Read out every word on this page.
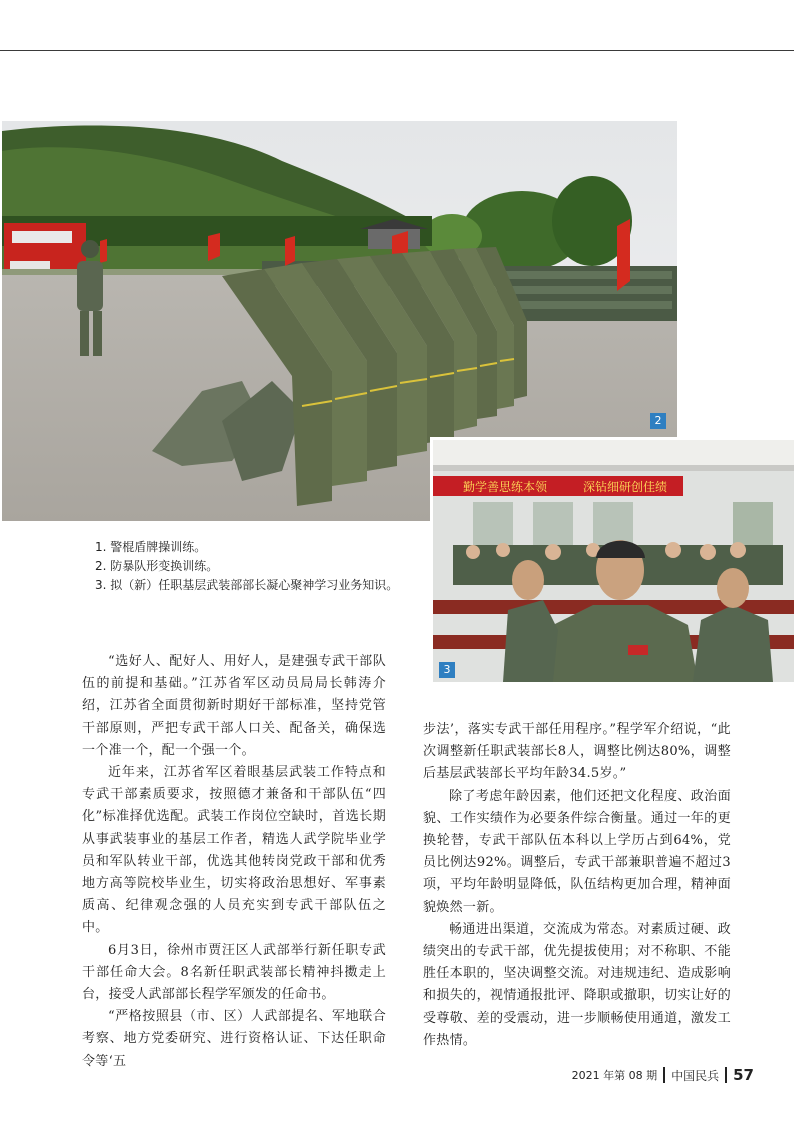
2
勤学善思练本领	深钻细研创佳绩
3
1. 警棍盾牌操训练。
2. 防暴队形变换训练。
3. 拟（新）任职基层武装部部长凝心聚神学习业务知识。

“选好人、配好人、用好人，是建强专武干部队伍的前提和基础。”江苏省军区动员局局长韩涛介绍，江苏省全面贯彻新时期好干部标准，坚持党管干部原则，严把专武干部人口关、配备关，确保选一个准一个，配一个强一个。

近年来，江苏省军区着眼基层武装工作特点和专武干部素质要求，按照德才兼备和干部队伍“四化”标准择优选配。武装工作岗位空缺时，首选长期从事武装事业的基层工作者，精选人武学院毕业学员和军队转业干部，优选其他转岗党政干部和优秀地方高等院校毕业生，切实将政治思想好、军事素质高、纪律观念强的人员充实到专武干部队伍之中。

6月3日，徐州市贾汪区人武部举行新任职专武干部任命大会。8名新任职武装部长精神抖擞走上台，接受人武部部长程学军颁发的任命书。

“严格按照县（市、区）人武部提名、军地联合考察、地方党委研究、进行资格认证、下达任职命令等‘五

步法’，落实专武干部任用程序。”程学军介绍说，“此次调整新任职武装部长8人，调整比例达80%，调整后基层武装部长平均年龄34.5岁。”

除了考虑年龄因素，他们还把文化程度、政治面貌、工作实绩作为必要条件综合衡量。通过一年的更换轮替，专武干部队伍本科以上学历占到64%，党员比例达92%。调整后，专武干部兼职普遍不超过3项，平均年龄明显降低，队伍结构更加合理，精神面貌焕然一新。

畅通进出渠道，交流成为常态。对素质过硬、政绩突出的专武干部，优先提拔使用；对不称职、不能胜任本职的，坚决调整交流。对违规违纪、造成影响和损失的，视情通报批评、降职或撤职，切实让好的受尊敬、差的受震动，进一步顺畅使用通道，激发工作热情。

2021 年第 08 期 中国民兵 57
